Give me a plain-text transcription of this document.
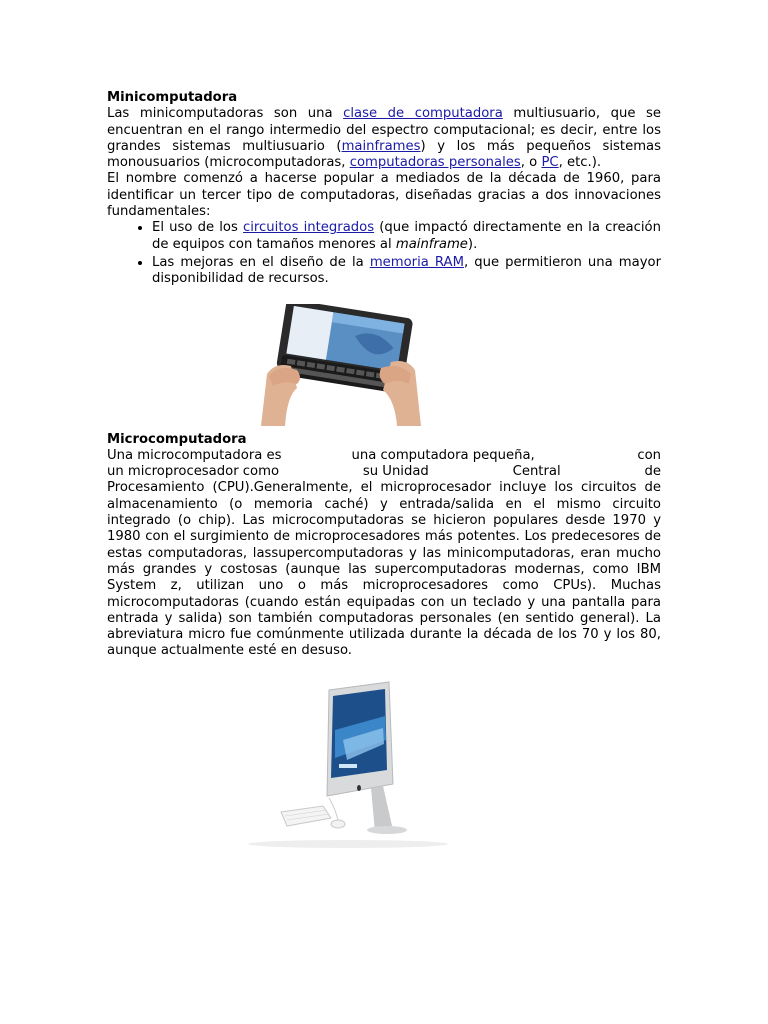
Minicomputadora

Las minicomputadoras son una clase de computadora multiusuario, que se encuentran en el rango intermedio del espectro computacional; es decir, entre los grandes sistemas multiusuario (mainframes) y los más pequeños sistemas monousuarios (microcomputadoras, computadoras personales, o PC, etc.).

El nombre comenzó a hacerse popular a mediados de la década de 1960, para identificar un tercer tipo de computadoras, diseñadas gracias a dos innovaciones fundamentales:

• El uso de los circuitos integrados (que impactó directamente en la creación de equipos con tamaños menores al mainframe).
• Las mejoras en el diseño de la memoria RAM, que permitieron una mayor disponibilidad de recursos.
Microcomputadora

Una microcomputadora es	una computadora pequeña,	con

un microprocesador como	su Unidad	Central	de

Procesamiento (CPU).Generalmente, el microprocesador incluye los circuitos de almacenamiento (o memoria caché) y entrada/salida en el mismo circuito integrado (o chip). Las microcomputadoras se hicieron populares desde 1970 y 1980 con el surgimiento de microprocesadores más potentes. Los predecesores de estas computadoras, lassupercomputadoras y las minicomputadoras, eran mucho más grandes y costosas (aunque las supercomputadoras modernas, como IBM System z, utilizan uno o más microprocesadores como CPUs). Muchas microcomputadoras (cuando están equipadas con un teclado y una pantalla para entrada y salida) son también computadoras personales (en sentido general). La abreviatura micro fue comúnmente utilizada durante la década de los 70 y los 80, aunque actualmente esté en desuso.
